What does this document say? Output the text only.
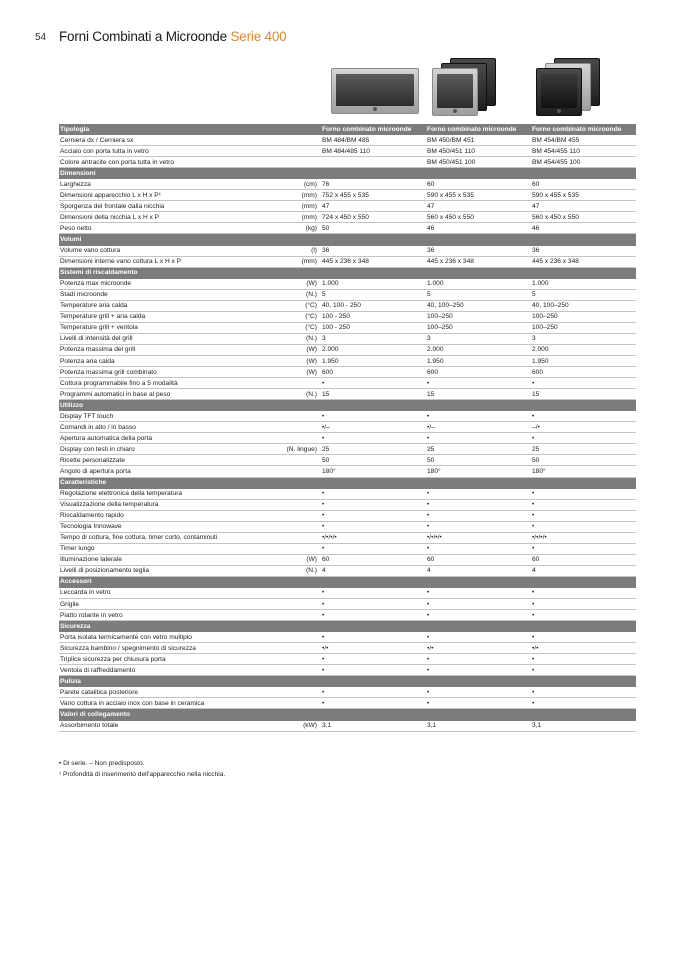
54 Forni Combinati a Microonde Serie 400
Tipologia		Forno combinato microonde	Forno combinato microonde	Forno combinato microonde
Cerniera dx / Cerniera sx		BM 484/BM 485	BM 450/BM 451	BM 454/BM 455
Acciaio con porta tutta in vetro		BM 484/485 110	BM 450/451 110	BM 454/455 110
Colore antracite con porta tutta in vetro			BM 450/451 100	BM 454/455 100
Dimensioni				
Larghezza	(cm)	76	60	60
Dimensioni apparecchio L x H x P¹	(mm)	752 x 455 x 535	590 x 455 x 535	590 x 455 x 535
Sporgenza del frontale dalla nicchia	(mm)	47	47	47
Dimensioni della nicchia L x H x P	(mm)	724 x 450 x 550	560 x 450 x 550	560 x 450 x 550
Peso netto	(kg)	50	46	46
Volumi				
Volume vano cottura	(l)	36	36	36
Dimensioni interne vano cottura L x H x P	(mm)	445 x 236 x 348	445 x 236 x 348	445 x 236 x 348
Sistemi di riscaldamento				
Potenza max microonde	(W)	1.000	1.000	1.000
Stadi microonde	(N.)	5	5	5
Temperature aria calda	(°C)	40, 100 - 250	40, 100–250	40, 100–250
Temperature grill + aria calda	(°C)	100 - 250	100–250	100–250
Temperature grill + ventola	(°C)	100 - 250	100–250	100–250
Livelli di intensità del grill	(N.)	3	3	3
Potenza massima del grill	(W)	2.000	2.000	2.000
Potenza aria calda	(W)	1.950	1.950	1.950
Potenza massima grill combinato	(W)	600	600	600
Cottura programmabile fino a 5 modalità		•	•	•
Programmi automatici in base al peso	(N.)	15	15	15
Utilizzo				
Display TFT touch		•	•	•
Comandi in alto / in basso		•/–	•/–	–/•
Apertura automatica della porta		•	•	•
Display con testi in chiaro	(N. lingue)	25	25	25
Ricette personalizzate		50	50	50
Angolo di apertura porta		180°	180°	180°
Caratteristiche				
Regolazione elettronica della temperatura		•	•	•
Visualizzazione della temperatura		•	•	•
Riscaldamento rapido		•	•	•
Tecnologia Innowave		•	•	•
Tempo di cottura, fine cottura, timer corto, contaminuti		•/•/•/•	•/•/•/•	•/•/•/•
Timer lungo		•	•	•
Illuminazione laterale	(W)	60	60	60
Livelli di posizionamento teglia	(N.)	4	4	4
Accessori				
Leccarda in vetro		•	•	•
Griglie		•	•	•
Piatto rotante in vetro		•	•	•
Sicurezza				
Porta isolata termicamente con vetro multiplo		•	•	•
Sicurezza bambino / spegnimento di sicurezza		•/•	•/•	•/•
Triplice sicurezza per chiusura porta		•	•	•
Ventola di raffreddamento		•	•	•
Pulizia				
Parete catalitica posteriore		•	•	•
Vano cottura in acciaio inox con base in ceramica		•	•	•
Valori di collegamento				
Assorbimento totale	(kW)	3,1	3,1	3,1
• Di serie. – Non predisposto.
¹ Profondità di inserimento dell'apparecchio nella nicchia.
